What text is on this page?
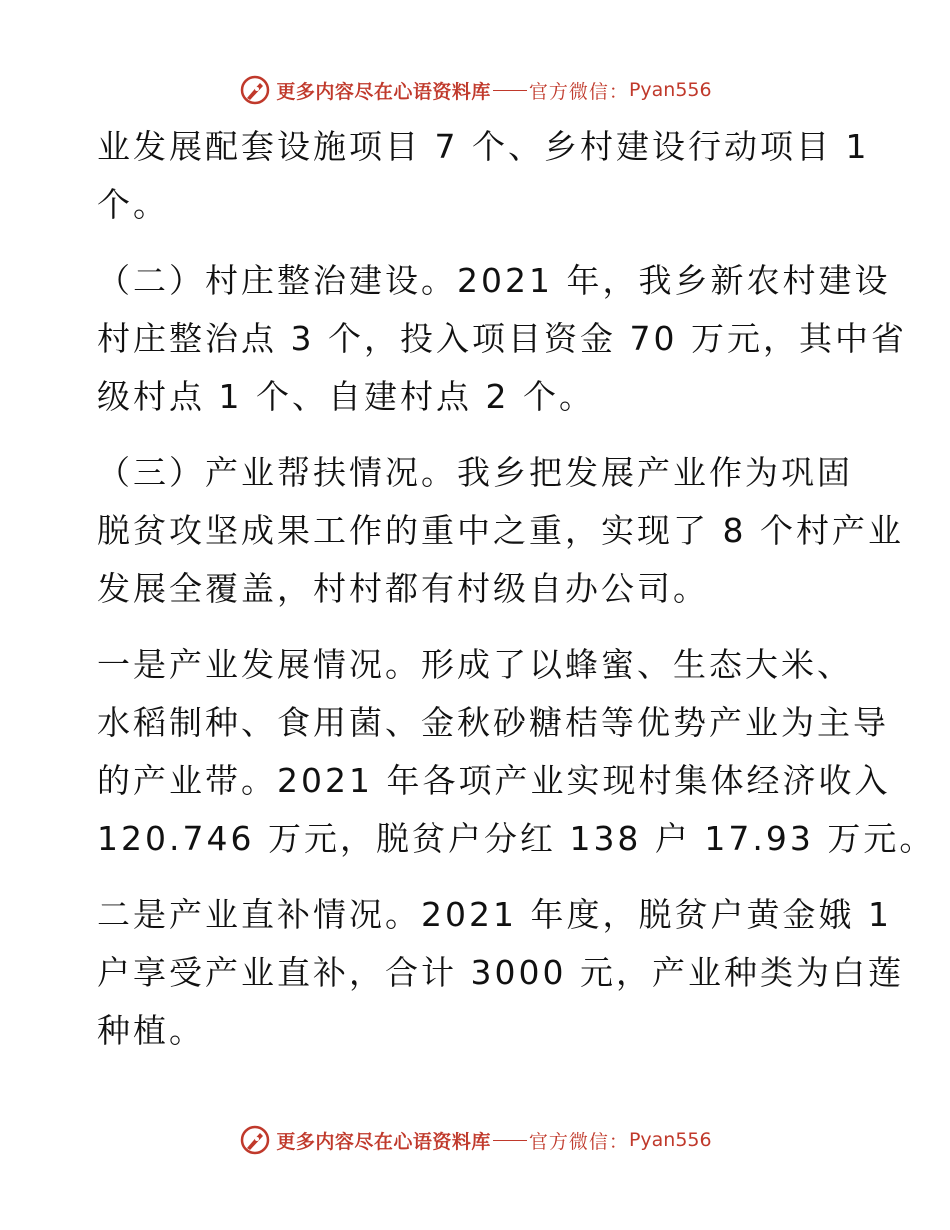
更多内容尽在心语资料库 官方微信： Pyan556
业发展配套设施项目 7 个、乡村建设行动项目 1
个。
（二）村庄整治建设。2021 年，我乡新农村建设
村庄整治点 3 个，投入项目资金 70 万元，其中省
级村点 1 个、自建村点 2 个。
（三）产业帮扶情况。我乡把发展产业作为巩固
脱贫攻坚成果工作的重中之重，实现了 8 个村产业
发展全覆盖，村村都有村级自办公司。
一是产业发展情况。形成了以蜂蜜、生态大米、
水稻制种、食用菌、金秋砂糖桔等优势产业为主导
的产业带。2021 年各项产业实现村集体经济收入
120.746 万元，脱贫户分红 138 户 17.93 万元。
二是产业直补情况。2021 年度，脱贫户黄金娥 1
户享受产业直补，合计 3000 元，产业种类为白莲
种植。
更多内容尽在心语资料库 官方微信： Pyan556
